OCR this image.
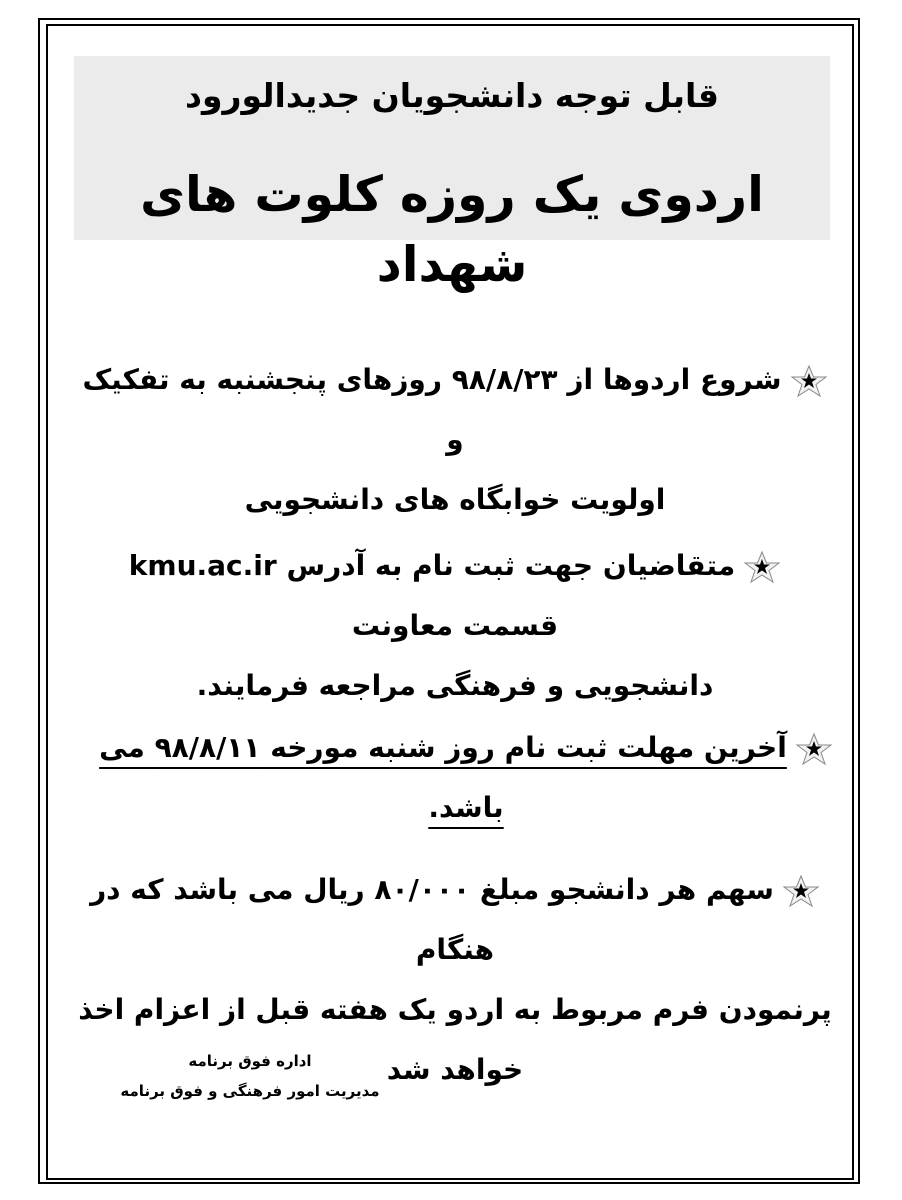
قابل توجه دانشجویان جدیدالورود
اردوی یک روزه کلوت های شهداد
شروع اردوها از ۹۸/۸/۲۳ روزهای پنجشنبه به تفکیک و
اولویت خوابگاه های دانشجویی
متقاضیان جهت ثبت نام به آدرس kmu.ac.ir قسمت معاونت
دانشجویی و فرهنگی مراجعه فرمایند.
آخرین مهلت ثبت نام روز شنبه مورخه ۹۸/۸/۱۱ می باشد.
سهم هر دانشجو مبلغ ۸۰/۰۰۰ ریال می باشد که در هنگام
پرنمودن فرم مربوط به اردو یک هفته قبل از اعزام اخذ خواهد شد
اداره فوق برنامه
مدیریت امور فرهنگی و فوق برنامه
